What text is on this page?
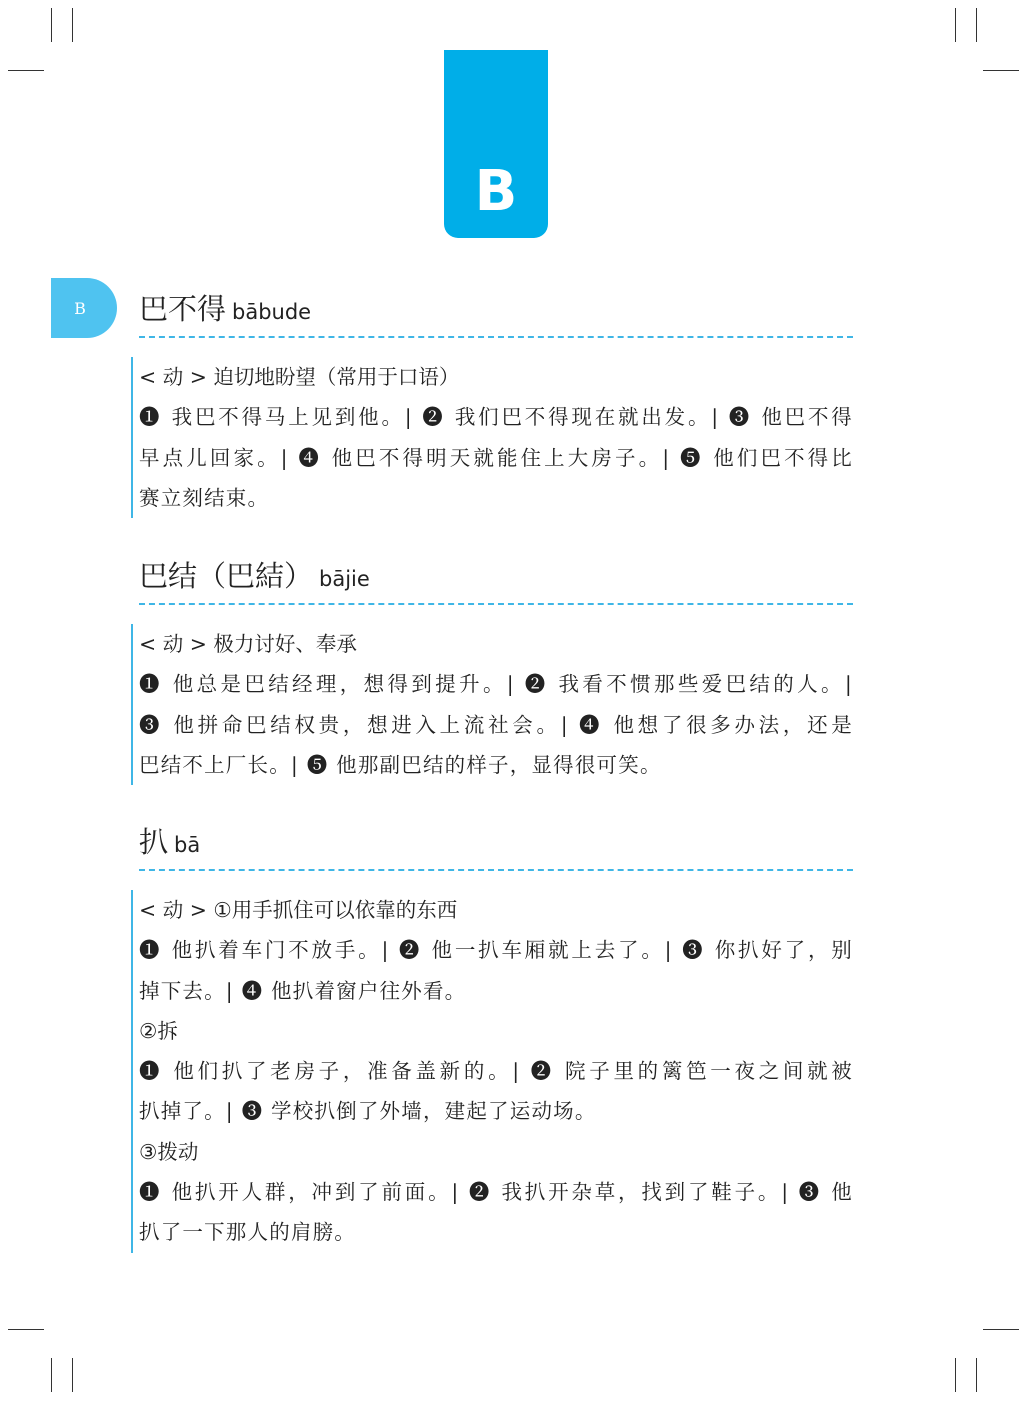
B
B 巴不得 bābude
< 动 > 迫切地盼望（常用于口语）
❶ 我巴不得马上见到他。| ❷ 我们巴不得现在就出发。| ❸ 他巴不得
早点儿回家。| ❹ 他巴不得明天就能住上大房子。| ❺ 他们巴不得比
赛立刻结束。
巴结（巴結） bājie
< 动 > 极力讨好、奉承
❶ 他总是巴结经理，想得到提升。| ❷ 我看不惯那些爱巴结的人。|
❸ 他拼命巴结权贵，想进入上流社会。| ❹ 他想了很多办法，还是
巴结不上厂长。| ❺ 他那副巴结的样子，显得很可笑。
扒 bā
< 动 > ①用手抓住可以依靠的东西
❶ 他扒着车门不放手。| ❷ 他一扒车厢就上去了。| ❸ 你扒好了，别
掉下去。| ❹ 他扒着窗户往外看。
②拆
❶ 他们扒了老房子，准备盖新的。| ❷ 院子里的篱笆一夜之间就被
扒掉了。| ❸ 学校扒倒了外墙，建起了运动场。
③拨动
❶ 他扒开人群，冲到了前面。| ❷ 我扒开杂草，找到了鞋子。| ❸ 他
扒了一下那人的肩膀。
